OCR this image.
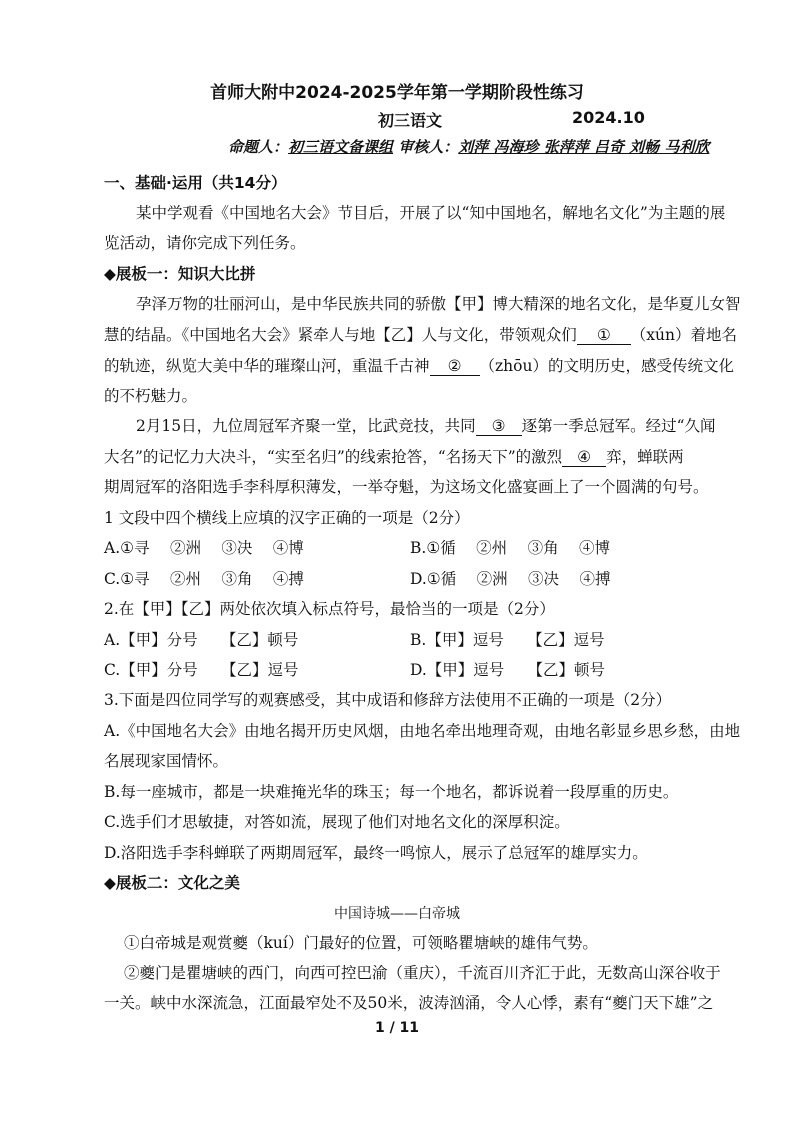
首师大附中2024-2025学年第一学期阶段性练习
初三语文	2024.10
命题人：初三语文备课组 审核人：刘萍 冯海珍 张萍萍 吕奇 刘畅 马利欣
一、基础·运用（共14分）
某中学观看《中国地名大会》节目后，开展了以“知中国地名，解地名文化”为主题的展
览活动，请你完成下列任务。
◆展板一：知识大比拼
孕泽万物的壮丽河山，是中华民族共同的骄傲【甲】博大精深的地名文化，是华夏儿女智
慧的结晶。《中国地名大会》紧牵人与地【乙】人与文化，带领观众们 ① （xún）着地名
的轨迹，纵览大美中华的璀璨山河，重温千古神 ② （zhōu）的文明历史，感受传统文化
的不朽魅力。
2月15日，九位周冠军齐聚一堂，比武竞技，共同 ③ 逐第一季总冠军。经过“久闻
大名”的记忆力大决斗，“实至名归”的线索抢答，“名扬天下”的激烈 ④ 弈，蝉联两
期周冠军的洛阳选手李科厚积薄发，一举夺魁，为这场文化盛宴画上了一个圆满的句号。
1 文段中四个横线上应填的汉字正确的一项是（2分）
A.①寻　 ②洲　 ③决　 ④博	B.①循　 ②州　 ③角　 ④博
C.①寻　 ②州　 ③角　 ④搏	D.①循　 ②洲　 ③决　 ④搏
2.在【甲】【乙】两处依次填入标点符号，最恰当的一项是（2分）
A.【甲】分号　　【乙】顿号	B.【甲】逗号　　【乙】逗号
C.【甲】分号　　【乙】逗号	D.【甲】逗号　　【乙】顿号
3.下面是四位同学写的观赛感受，其中成语和修辞方法使用不正确的一项是（2分）
A.《中国地名大会》由地名揭开历史风烟，由地名牵出地理奇观，由地名彰显乡思乡愁，由地
名展现家国情怀。
B.每一座城市，都是一块难掩光华的珠玉；每一个地名，都诉说着一段厚重的历史。
C.选手们才思敏捷，对答如流，展现了他们对地名文化的深厚积淀。
D.洛阳选手李科蝉联了两期周冠军，最终一鸣惊人，展示了总冠军的雄厚实力。
◆展板二：文化之美
中国诗城——白帝城
①白帝城是观赏夔（kuí）门最好的位置，可领略瞿塘峡的雄伟气势。
②夔门是瞿塘峡的西门，向西可控巴渝（重庆），千流百川齐汇于此，无数高山深谷收于
一关。峡中水深流急，江面最窄处不及50米，波涛汹涌，令人心悸，素有“夔门天下雄”之
1 / 11
